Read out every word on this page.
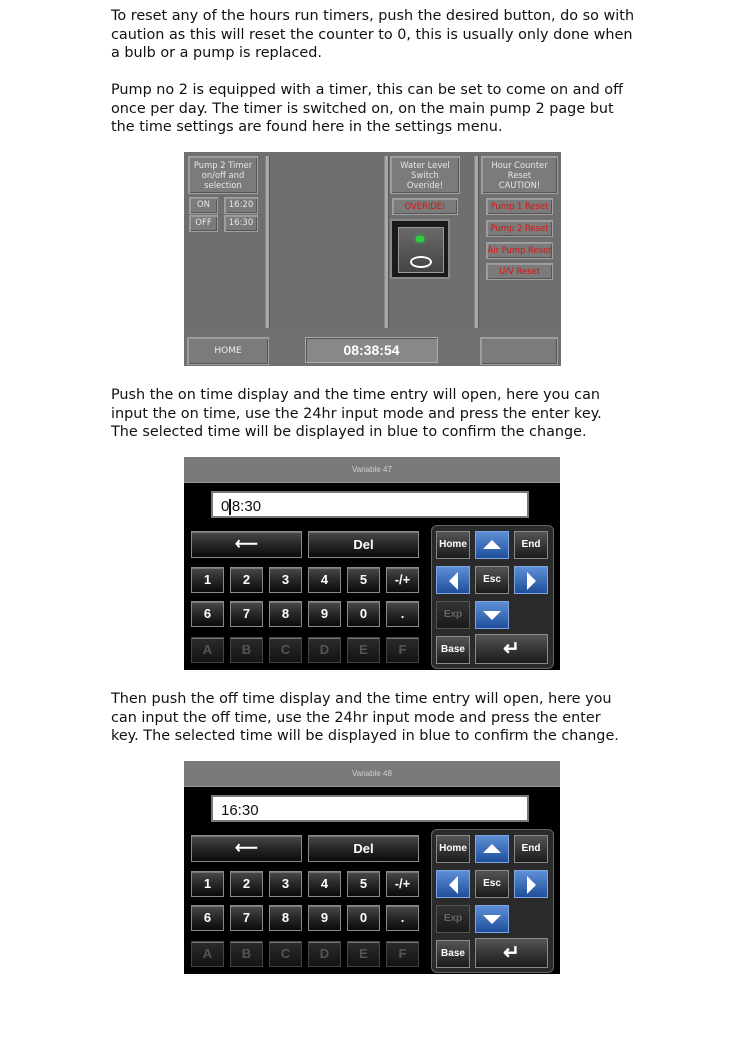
To reset any of the hours run timers, push the desired button, do so with
caution as this will reset the counter to 0, this is usually only done when
a bulb or a pump is replaced.

Pump no 2 is equipped with a timer, this can be set to come on and off
once per day. The timer is switched on, on the main pump 2 page but
the time settings are found here in the settings menu.

Pump 2 Timer
on/off and
selection
ON	16:20
OFF	16:30
Water Level
Switch
Overide!
OVERIDE!
Hour Counter
Reset
CAUTION!
Pump 1 Reset
Pump 2 Reset
Air Pump Reset
U/V Reset
HOME	08:38:54

Push the on time display and the time entry will open, here you can
input the on time, use the 24hr input mode and press the enter key.
The selected time will be displayed in blue to confirm the change.

Variable 47
0 8:30
⟵	Del
1	2	3	4	5	-/+
6	7	8	9	0	.
A	B	C	D	E	F
Home	End
Esc
Exp
Base	↵

Then push the off time display and the time entry will open, here you
can input the off time, use the 24hr input mode and press the enter
key. The selected time will be displayed in blue to confirm the change.

Variable 48
16:30
⟵	Del
1	2	3	4	5	-/+
6	7	8	9	0	.
A	B	C	D	E	F
Home	End
Esc
Exp
Base	↵
